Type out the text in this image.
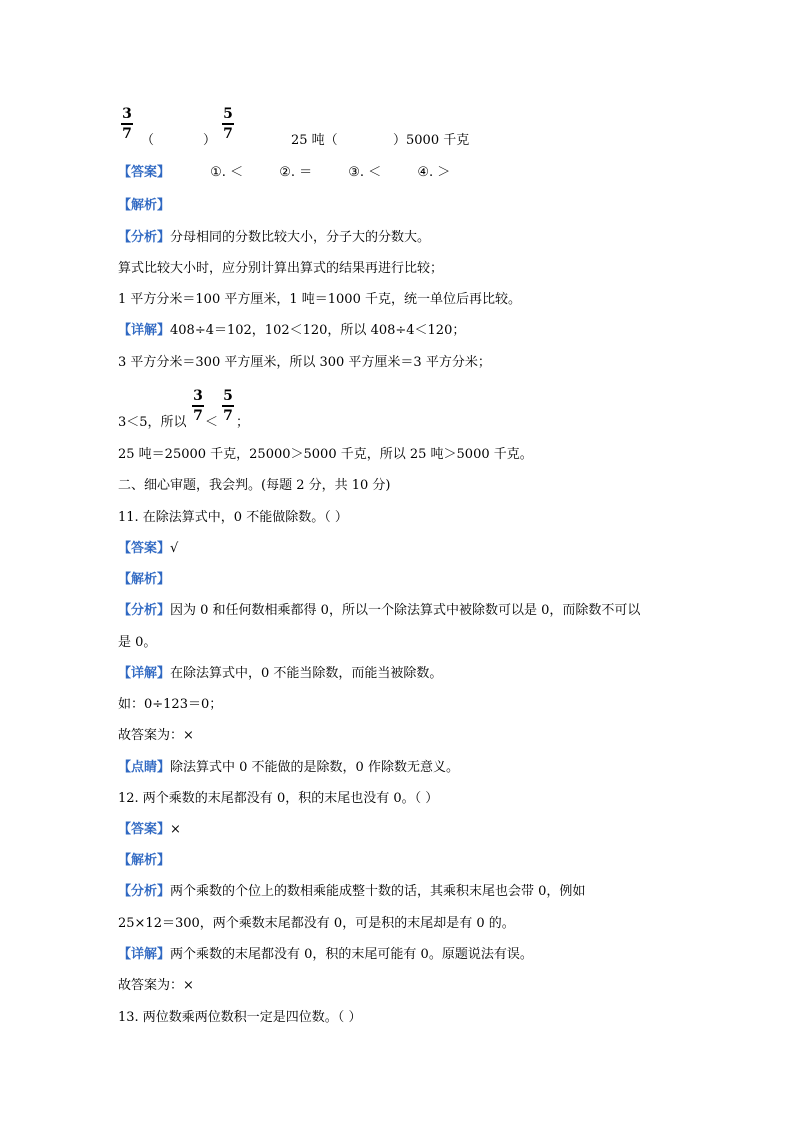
3
7 （	）
5
7	25 吨（	）5000 千克
【答案】	①. ＜	②. ＝	③. ＜	④. ＞
【解析】
【分析】分母相同的分数比较大小，分子大的分数大。
算式比较大小时，应分别计算出算式的结果再进行比较；
1 平方分米＝100 平方厘米，1 吨＝1000 千克，统一单位后再比较。
【详解】408÷4＝102，102＜120，所以 408÷4＜120；
3 平方分米＝300 平方厘米，所以 300 平方厘米＝3 平方分米；
3＜5，所以
3
7 ＜
5
7 ；
25 吨＝25000 千克，25000＞5000 千克，所以 25 吨＞5000 千克。
二、细心审题，我会判。(每题 2 分，共 10 分)
11. 在除法算式中，0 不能做除数。（ ）
【答案】√
【解析】
【分析】因为 0 和任何数相乘都得 0，所以一个除法算式中被除数可以是 0，而除数不可以
是 0。
【详解】在除法算式中，0 不能当除数，而能当被除数。
如：0÷123＝0；
故答案为：×
【点睛】除法算式中 0 不能做的是除数，0 作除数无意义。
12. 两个乘数的末尾都没有 0，积的末尾也没有 0。（ ）
【答案】×
【解析】
【分析】两个乘数的个位上的数相乘能成整十数的话，其乘积末尾也会带 0，例如
25×12＝300，两个乘数末尾都没有 0，可是积的末尾却是有 0 的。
【详解】两个乘数的末尾都没有 0，积的末尾可能有 0。原题说法有误。
故答案为：×
13. 两位数乘两位数积一定是四位数。（ ）
